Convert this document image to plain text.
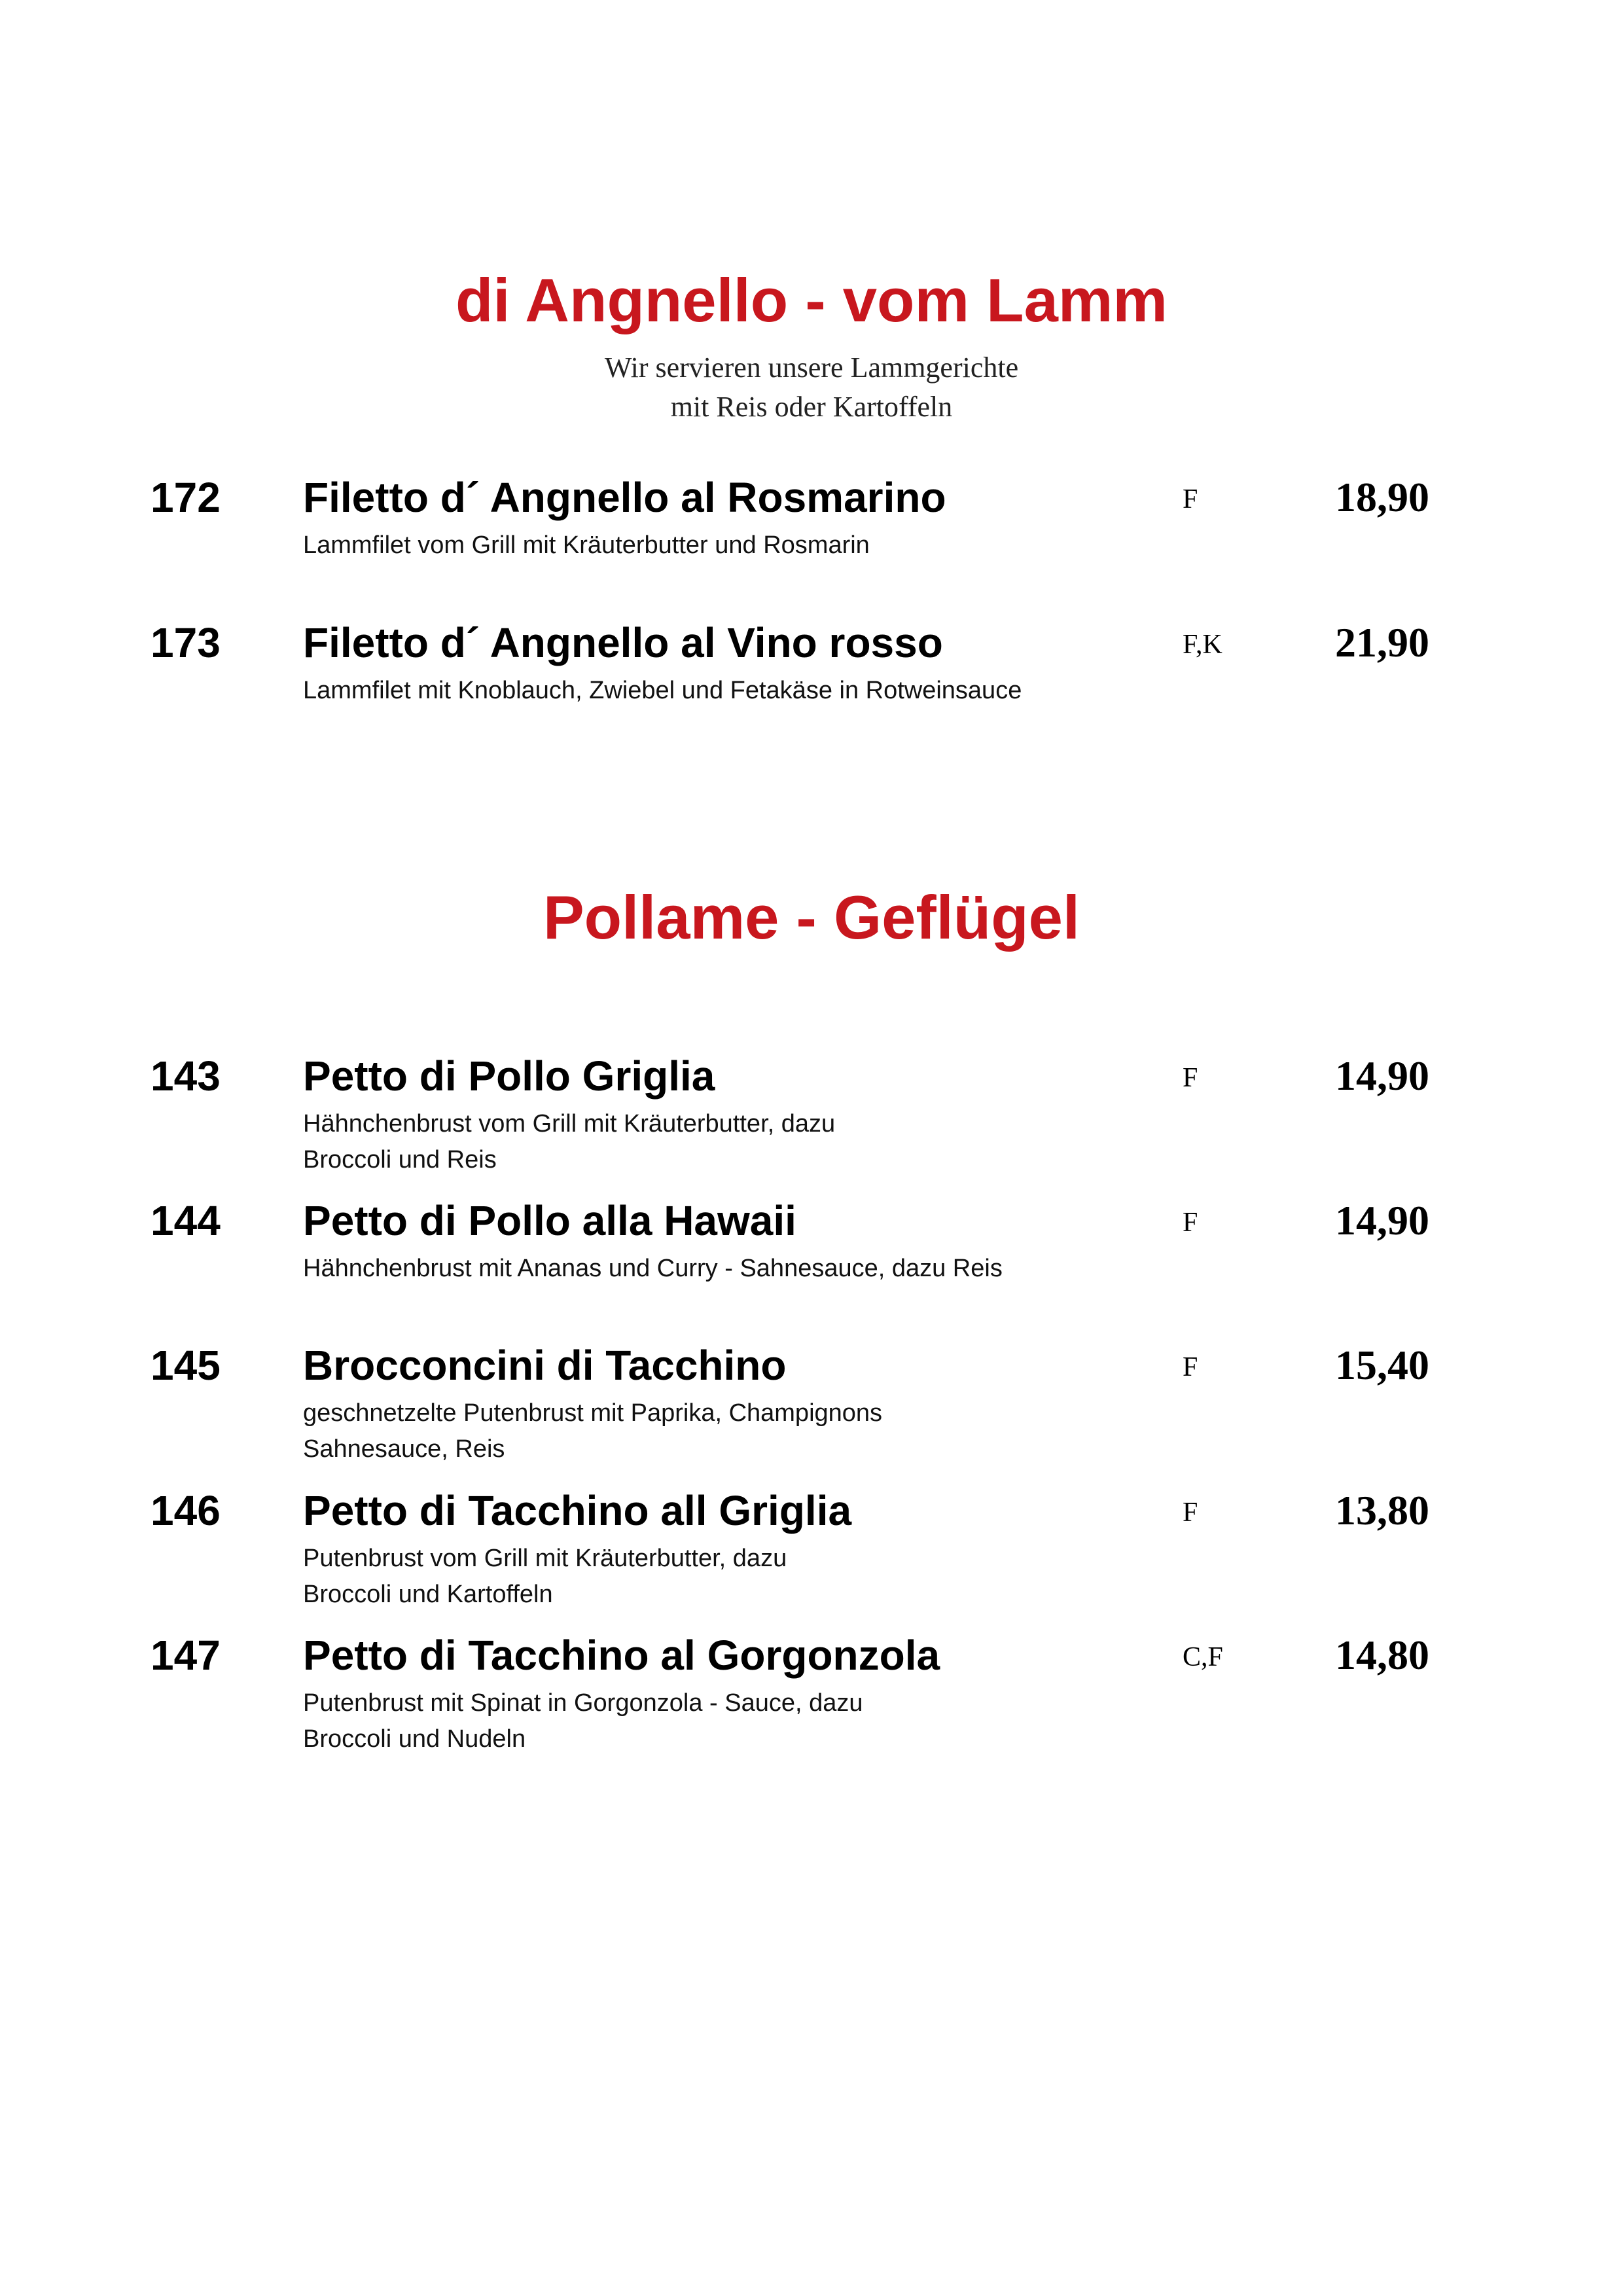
di Angnello - vom Lamm
Wir servieren unsere Lammgerichte
mit Reis oder Kartoffeln
172 Filetto d´ Angnello al Rosmarino
Lammfilet vom Grill mit Kräuterbutter und Rosmarin
F	18,90
173 Filetto d´ Angnello al Vino rosso
Lammfilet mit Knoblauch, Zwiebel und Fetakäse in Rotweinsauce
F,K	21,90
Pollame - Geflügel
143 Petto di Pollo Griglia
Hähnchenbrust vom Grill mit Kräuterbutter, dazu
Broccoli und Reis
F	14,90
144 Petto di Pollo alla Hawaii
Hähnchenbrust mit Ananas und Curry - Sahnesauce, dazu Reis
F	14,90
145 Brocconcini di Tacchino
geschnetzelte Putenbrust mit Paprika, Champignons
Sahnesauce, Reis
F	15,40
146 Petto di Tacchino all Griglia
Putenbrust vom Grill mit Kräuterbutter, dazu
Broccoli und Kartoffeln
F	13,80
147 Petto di Tacchino al Gorgonzola
Putenbrust mit Spinat in Gorgonzola - Sauce, dazu
Broccoli und Nudeln
C,F	14,80
